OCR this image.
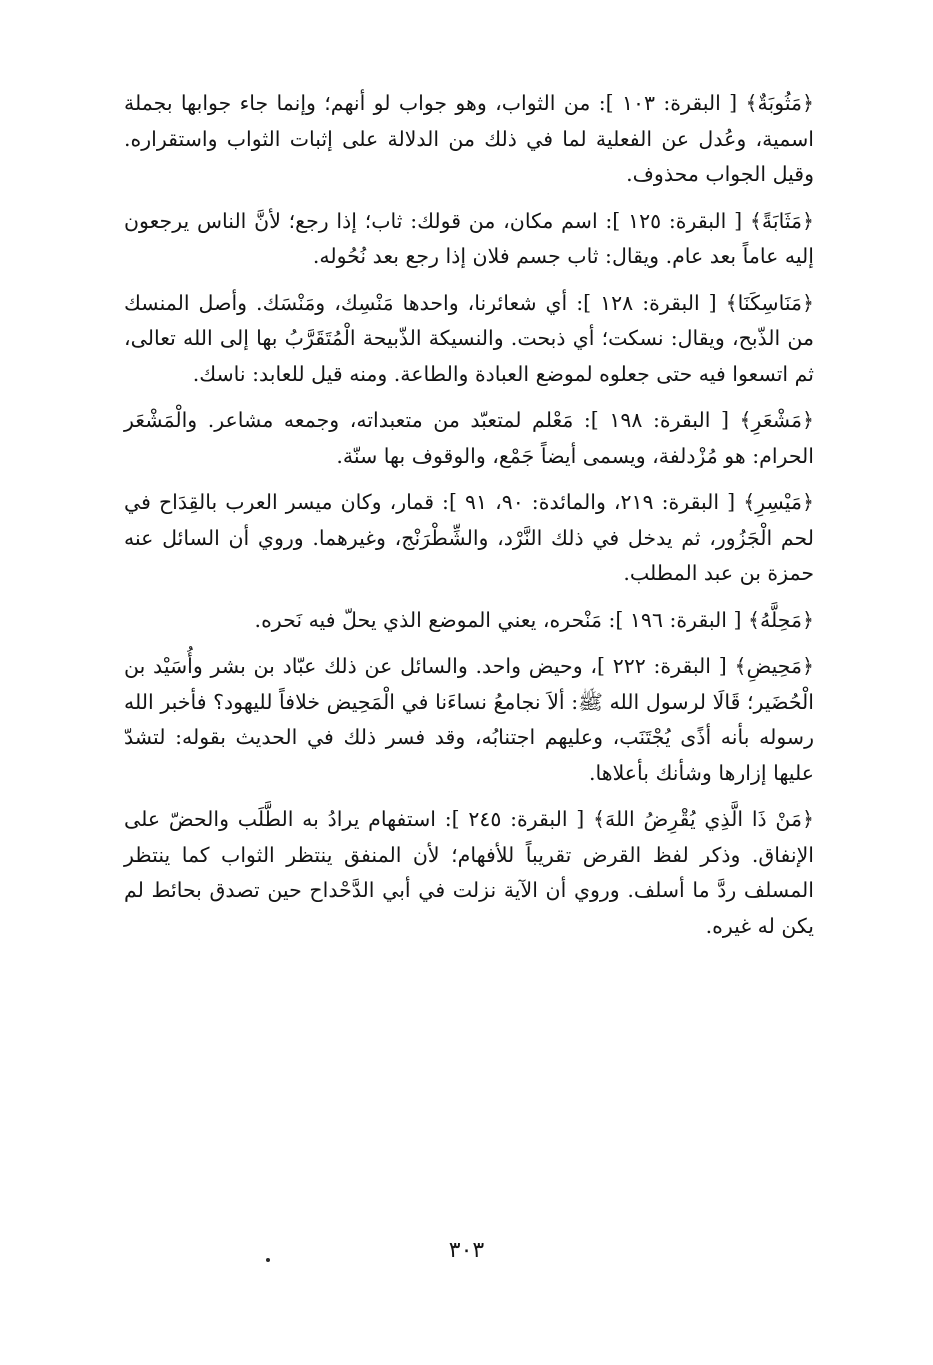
﴿مَثُوبَةٌ﴾ [ البقرة: ١٠٣ ]: من الثواب، وهو جواب لو أنهم؛ وإنما جاء جوابها بجملة اسمية، وعُدل عن الفعلية لما في ذلك من الدلالة على إثبات الثواب واستقراره. وقيل الجواب محذوف.

﴿مَثَابَةً﴾ [ البقرة: ١٢٥ ]: اسم مكان، من قولك: ثاب؛ إذا رجع؛ لأنَّ الناس يرجعون إليه عاماً بعد عام. ويقال: ثاب جسم فلان إذا رجع بعد نُحُوله.

﴿مَنَاسِكَنَا﴾ [ البقرة: ١٢٨ ]: أي شعائرنا، واحدها مَنْسِك، ومَنْسَك. وأصل المنسك من الذّبح، ويقال: نسكت؛ أي ذبحت. والنسيكة الذّبيحة الْمُتَقَرَّبُ بها إلى الله تعالى، ثم اتسعوا فيه حتى جعلوه لموضع العبادة والطاعة. ومنه قيل للعابد: ناسك.

﴿مَشْعَرِ﴾ [ البقرة: ١٩٨ ]: مَعْلم لمتعبّد من متعبداته، وجمعه مشاعر. والْمَشْعَر الحرام: هو مُزْدلفة، ويسمى أيضاً جَمْع، والوقوف بها سنّة.

﴿مَيْسِرِ﴾ [ البقرة: ٢١٩، والمائدة: ٩٠، ٩١ ]: قمار، وكان ميسر العرب بالقِدَاح في لحم الْجَزُور، ثم يدخل في ذلك النَّرْد، والشِّطْرَنْج، وغيرهما. وروي أن السائل عنه حمزة بن عبد المطلب.

﴿مَحِلَّهُ﴾ [ البقرة: ١٩٦ ]: مَنْحره، يعني الموضع الذي يحلّ فيه نَحره.

﴿مَحِيضِ﴾ [ البقرة: ٢٢٢ ]، وحيض واحد. والسائل عن ذلك عبّاد بن بشر وأُسَيْد بن الْحُضَير؛ قَالَا لرسول الله ﷺ: ألاَ نجامعُ نساءَنا في الْمَحِيض خلافاً لليهود؟ فأخبر الله رسوله بأنه أذًى يُجْتَنَب، وعليهم اجتنابُه، وقد فسر ذلك في الحديث بقوله: لتشدّ عليها إزارها وشأنك بأعلاها.

﴿مَنْ ذَا الَّذِي يُقْرِضُ اللهَ﴾ [ البقرة: ٢٤٥ ]: استفهام يرادُ به الطَّلَب والحضّ على الإنفاق. وذكر لفظ القرض تقريباً للأفهام؛ لأن المنفق ينتظر الثواب كما ينتظر المسلف ردَّ ما أسلف. وروي أن الآية نزلت في أبي الدَّحْداح حين تصدق بحائط لم يكن له غيره.

٣٠٣
